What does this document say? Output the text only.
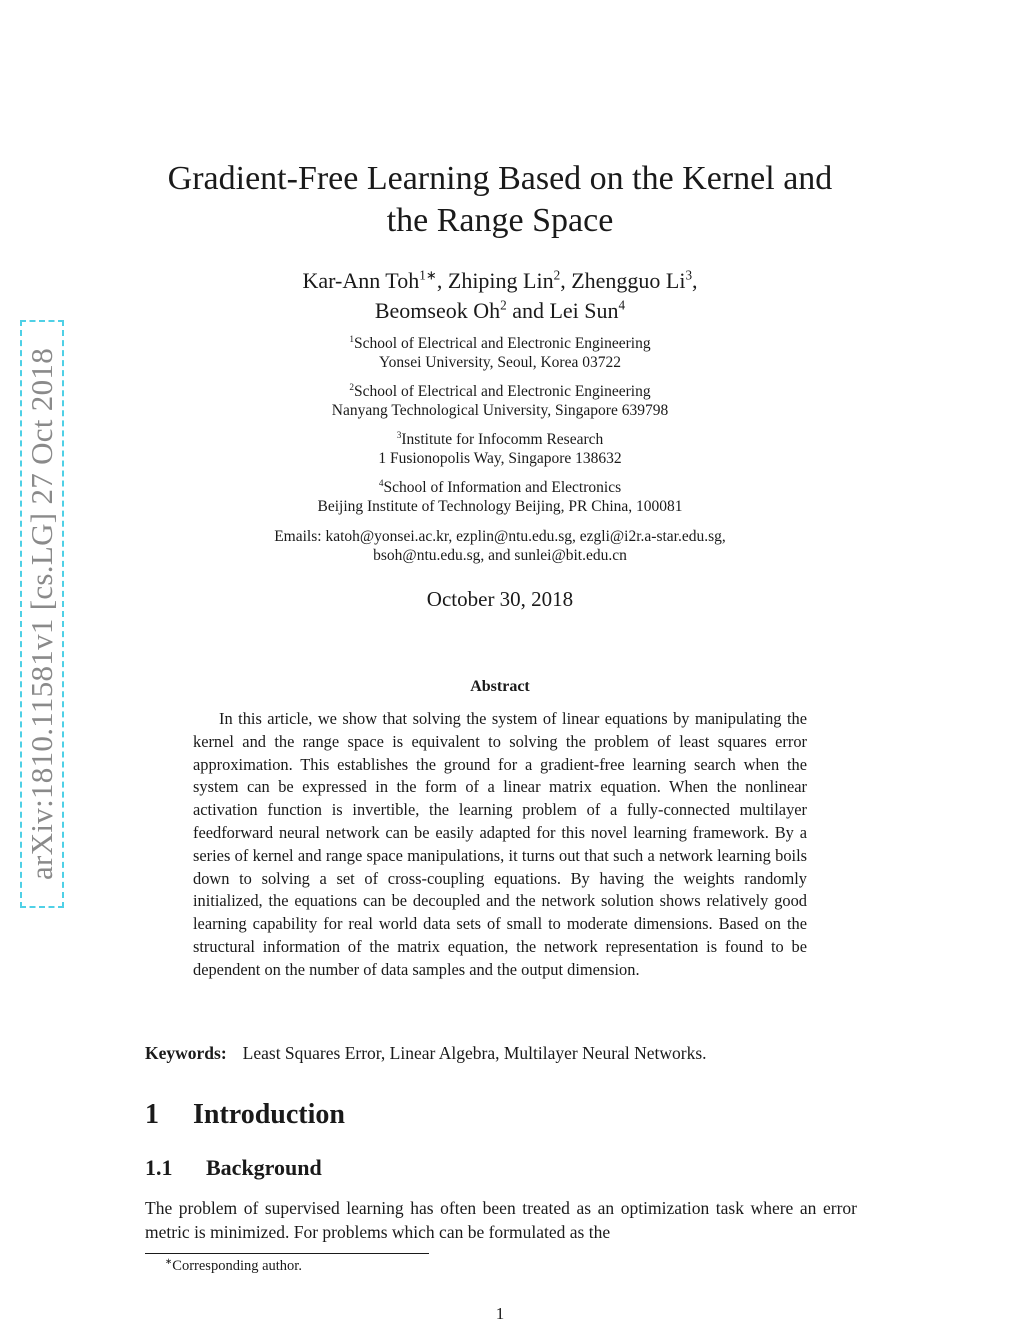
arXiv:1810.11581v1 [cs.LG] 27 Oct 2018
Gradient-Free Learning Based on the Kernel and
the Range Space
Kar-Ann Toh$^{1∗}$, Zhiping Lin$^2$, Zhengguo Li$^3$,
Beomseok Oh$^2$ and Lei Sun$^4$
$^1$School of Electrical and Electronic Engineering
Yonsei University, Seoul, Korea 03722
$^2$School of Electrical and Electronic Engineering
Nanyang Technological University, Singapore 639798
$^3$Institute for Infocomm Research
1 Fusionopolis Way, Singapore 138632
$^4$School of Information and Electronics
Beijing Institute of Technology Beijing, PR China, 100081
Emails: katoh@yonsei.ac.kr, ezplin@ntu.edu.sg, ezgli@i2r.a-star.edu.sg,
bsoh@ntu.edu.sg, and sunlei@bit.edu.cn
October 30, 2018
Abstract

In this article, we show that solving the system of linear equations by manipulating the kernel and the range space is equivalent to solving the problem of least squares error approximation. This establishes the ground for a gradient-free learning search when the system can be expressed in the form of a linear matrix equation. When the nonlinear activation function is invertible, the learning problem of a fully-connected multilayer feedforward neural network can be easily adapted for this novel learning framework. By a series of kernel and range space manipulations, it turns out that such a network learning boils down to solving a set of cross-coupling equations. By having the weights randomly initialized, the equations can be decoupled and the network solution shows relatively good learning capability for real world data sets of small to moderate dimensions. Based on the structural information of the matrix equation, the network representation is found to be dependent on the number of data samples and the output dimension.

Keywords: Least Squares Error, Linear Algebra, Multilayer Neural Networks.
1 Introduction
1.1 Background

The problem of supervised learning has often been treated as an optimization task where an error metric is minimized. For problems which can be formulated as the

∗Corresponding author.
1
